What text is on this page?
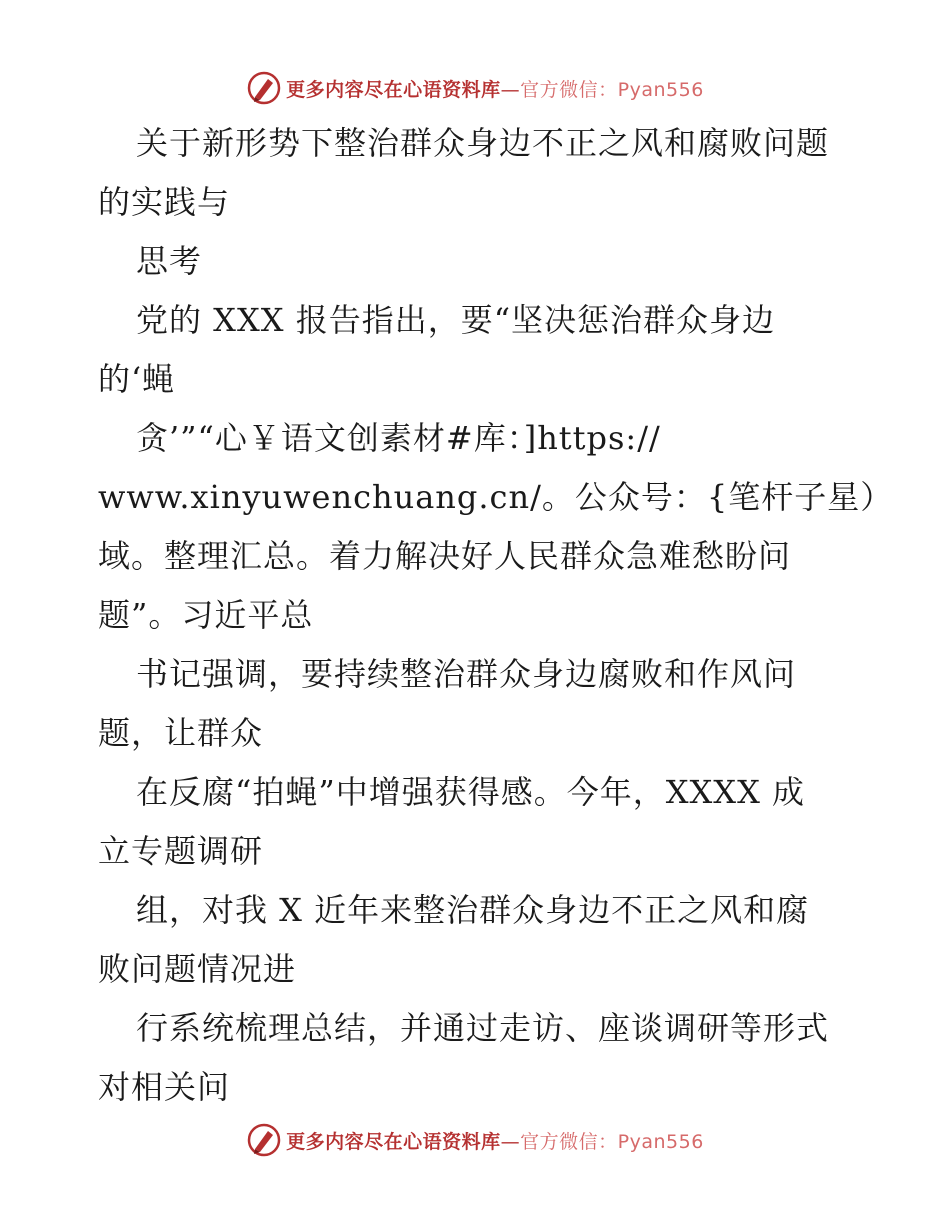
更多内容尽在心语资料库—官方微信：Pyan556
关于新形势下整治群众身边不正之风和腐败问题
的实践与
思考
党的 XXX 报告指出，要“坚决惩治群众身边
的‘蝇
贪’”“心￥语文创素材#库：]https://
www.xinyuwenchuang.cn/。公众号：{笔杆子星）
域。整理汇总。着力解决好人民群众急难愁盼问
题”。习近平总
书记强调，要持续整治群众身边腐败和作风问
题，让群众
在反腐“拍蝇”中增强获得感。今年，XXXX 成
立专题调研
组，对我 X 近年来整治群众身边不正之风和腐
败问题情况进
行系统梳理总结，并通过走访、座谈调研等形式
对相关问
更多内容尽在心语资料库—官方微信：Pyan556
